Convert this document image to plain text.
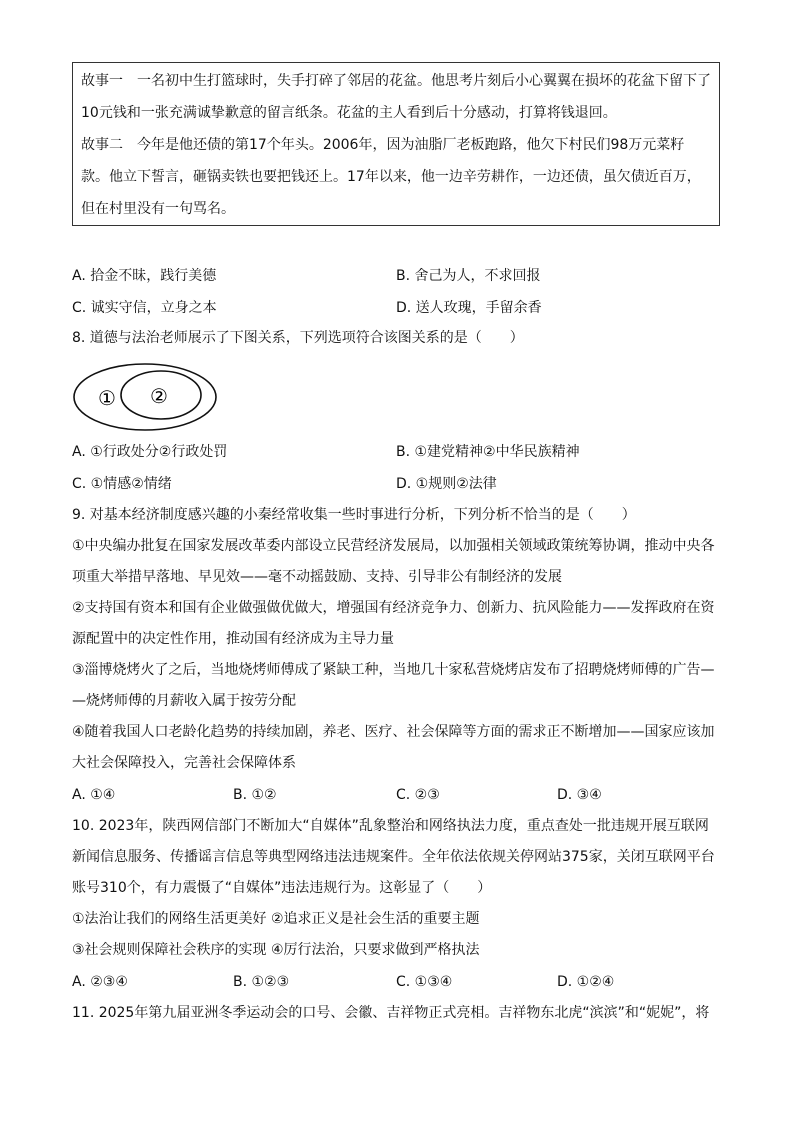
故事一　一名初中生打篮球时，失手打碎了邻居的花盆。他思考片刻后小心翼翼在损坏的花盆下留下了
10元钱和一张充满诚挚歉意的留言纸条。花盆的主人看到后十分感动，打算将钱退回。
故事二　今年是他还债的第17个年头。2006年，因为油脂厂老板跑路，他欠下村民们98万元菜籽
款。他立下誓言，砸锅卖铁也要把钱还上。17年以来，他一边辛劳耕作，一边还债，虽欠债近百万，
但在村里没有一句骂名。
A. 拾金不昧，践行美德	B. 舍己为人，不求回报
C. 诚实守信，立身之本	D. 送人玫瑰，手留余香
8. 道德与法治老师展示了下图关系，下列选项符合该图关系的是（　　）
① ②
A. ①行政处分②行政处罚	B. ①建党精神②中华民族精神
C. ①情感②情绪	D. ①规则②法律
9. 对基本经济制度感兴趣的小秦经常收集一些时事进行分析，下列分析不恰当的是（　　）
①中央编办批复在国家发展改革委内部设立民营经济发展局，以加强相关领域政策统筹协调，推动中央各
项重大举措早落地、早见效——毫不动摇鼓励、支持、引导非公有制经济的发展
②支持国有资本和国有企业做强做优做大，增强国有经济竞争力、创新力、抗风险能力——发挥政府在资
源配置中的决定性作用，推动国有经济成为主导力量
③淄博烧烤火了之后，当地烧烤师傅成了紧缺工种，当地几十家私营烧烤店发布了招聘烧烤师傅的广告—
—烧烤师傅的月薪收入属于按劳分配
④随着我国人口老龄化趋势的持续加剧，养老、医疗、社会保障等方面的需求正不断增加——国家应该加
大社会保障投入，完善社会保障体系
A. ①④	B. ①②	C. ②③	D. ③④
10. 2023年，陕西网信部门不断加大“自媒体”乱象整治和网络执法力度，重点查处一批违规开展互联网
新闻信息服务、传播谣言信息等典型网络违法违规案件。全年依法依规关停网站375家，关闭互联网平台
账号310个，有力震慑了“自媒体”违法违规行为。这彰显了（　　）
①法治让我们的网络生活更美好 ②追求正义是社会生活的重要主题
③社会规则保障社会秩序的实现 ④厉行法治，只要求做到严格执法
A. ②③④	B. ①②③	C. ①③④	D. ①②④
11. 2025年第九届亚洲冬季运动会的口号、会徽、吉祥物正式亮相。吉祥物东北虎“滨滨”和“妮妮”，将
